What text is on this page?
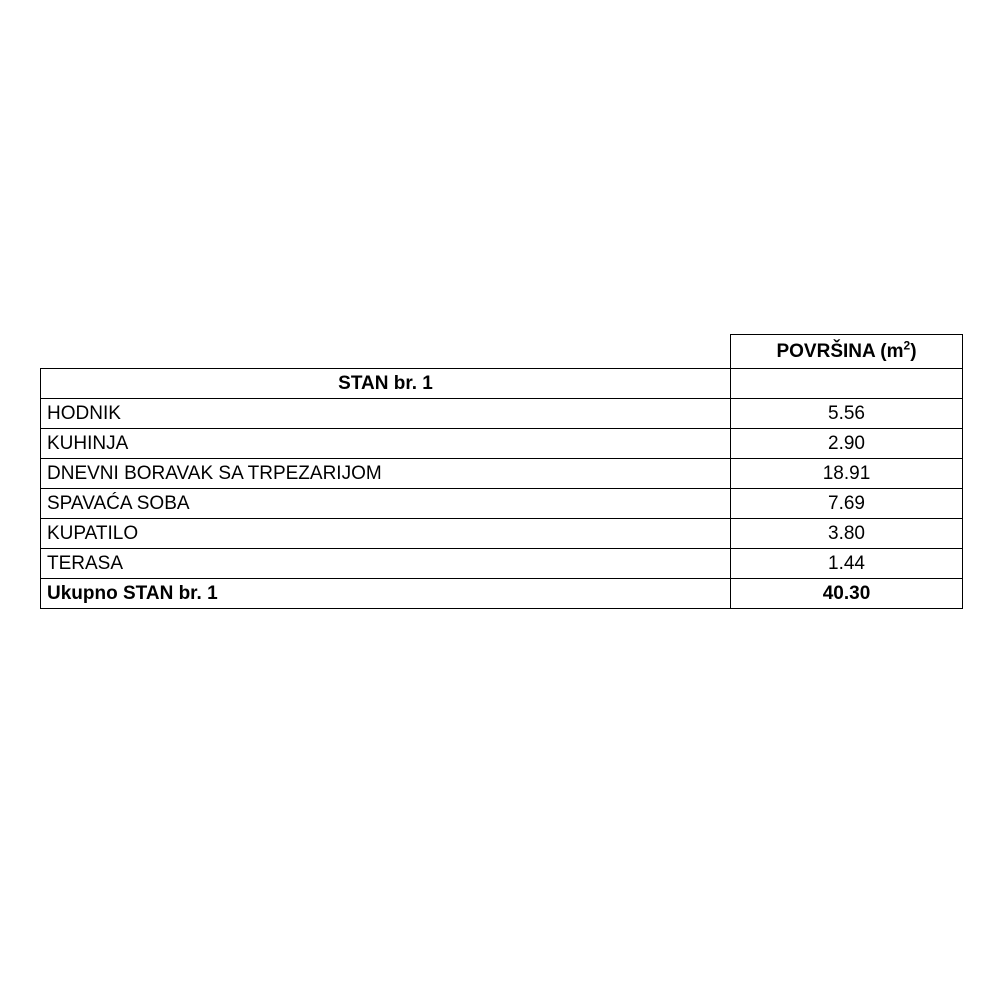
	POVRŠINA $(m^2)$
STAN br. 1	
HODNIK	5.56
KUHINJA	2.90
DNEVNI BORAVAK SA TRPEZARIJOM	18.91
SPAVAĆA SOBA	7.69
KUPATILO	3.80
TERASA	1.44
Ukupno STAN br. 1	40.30
